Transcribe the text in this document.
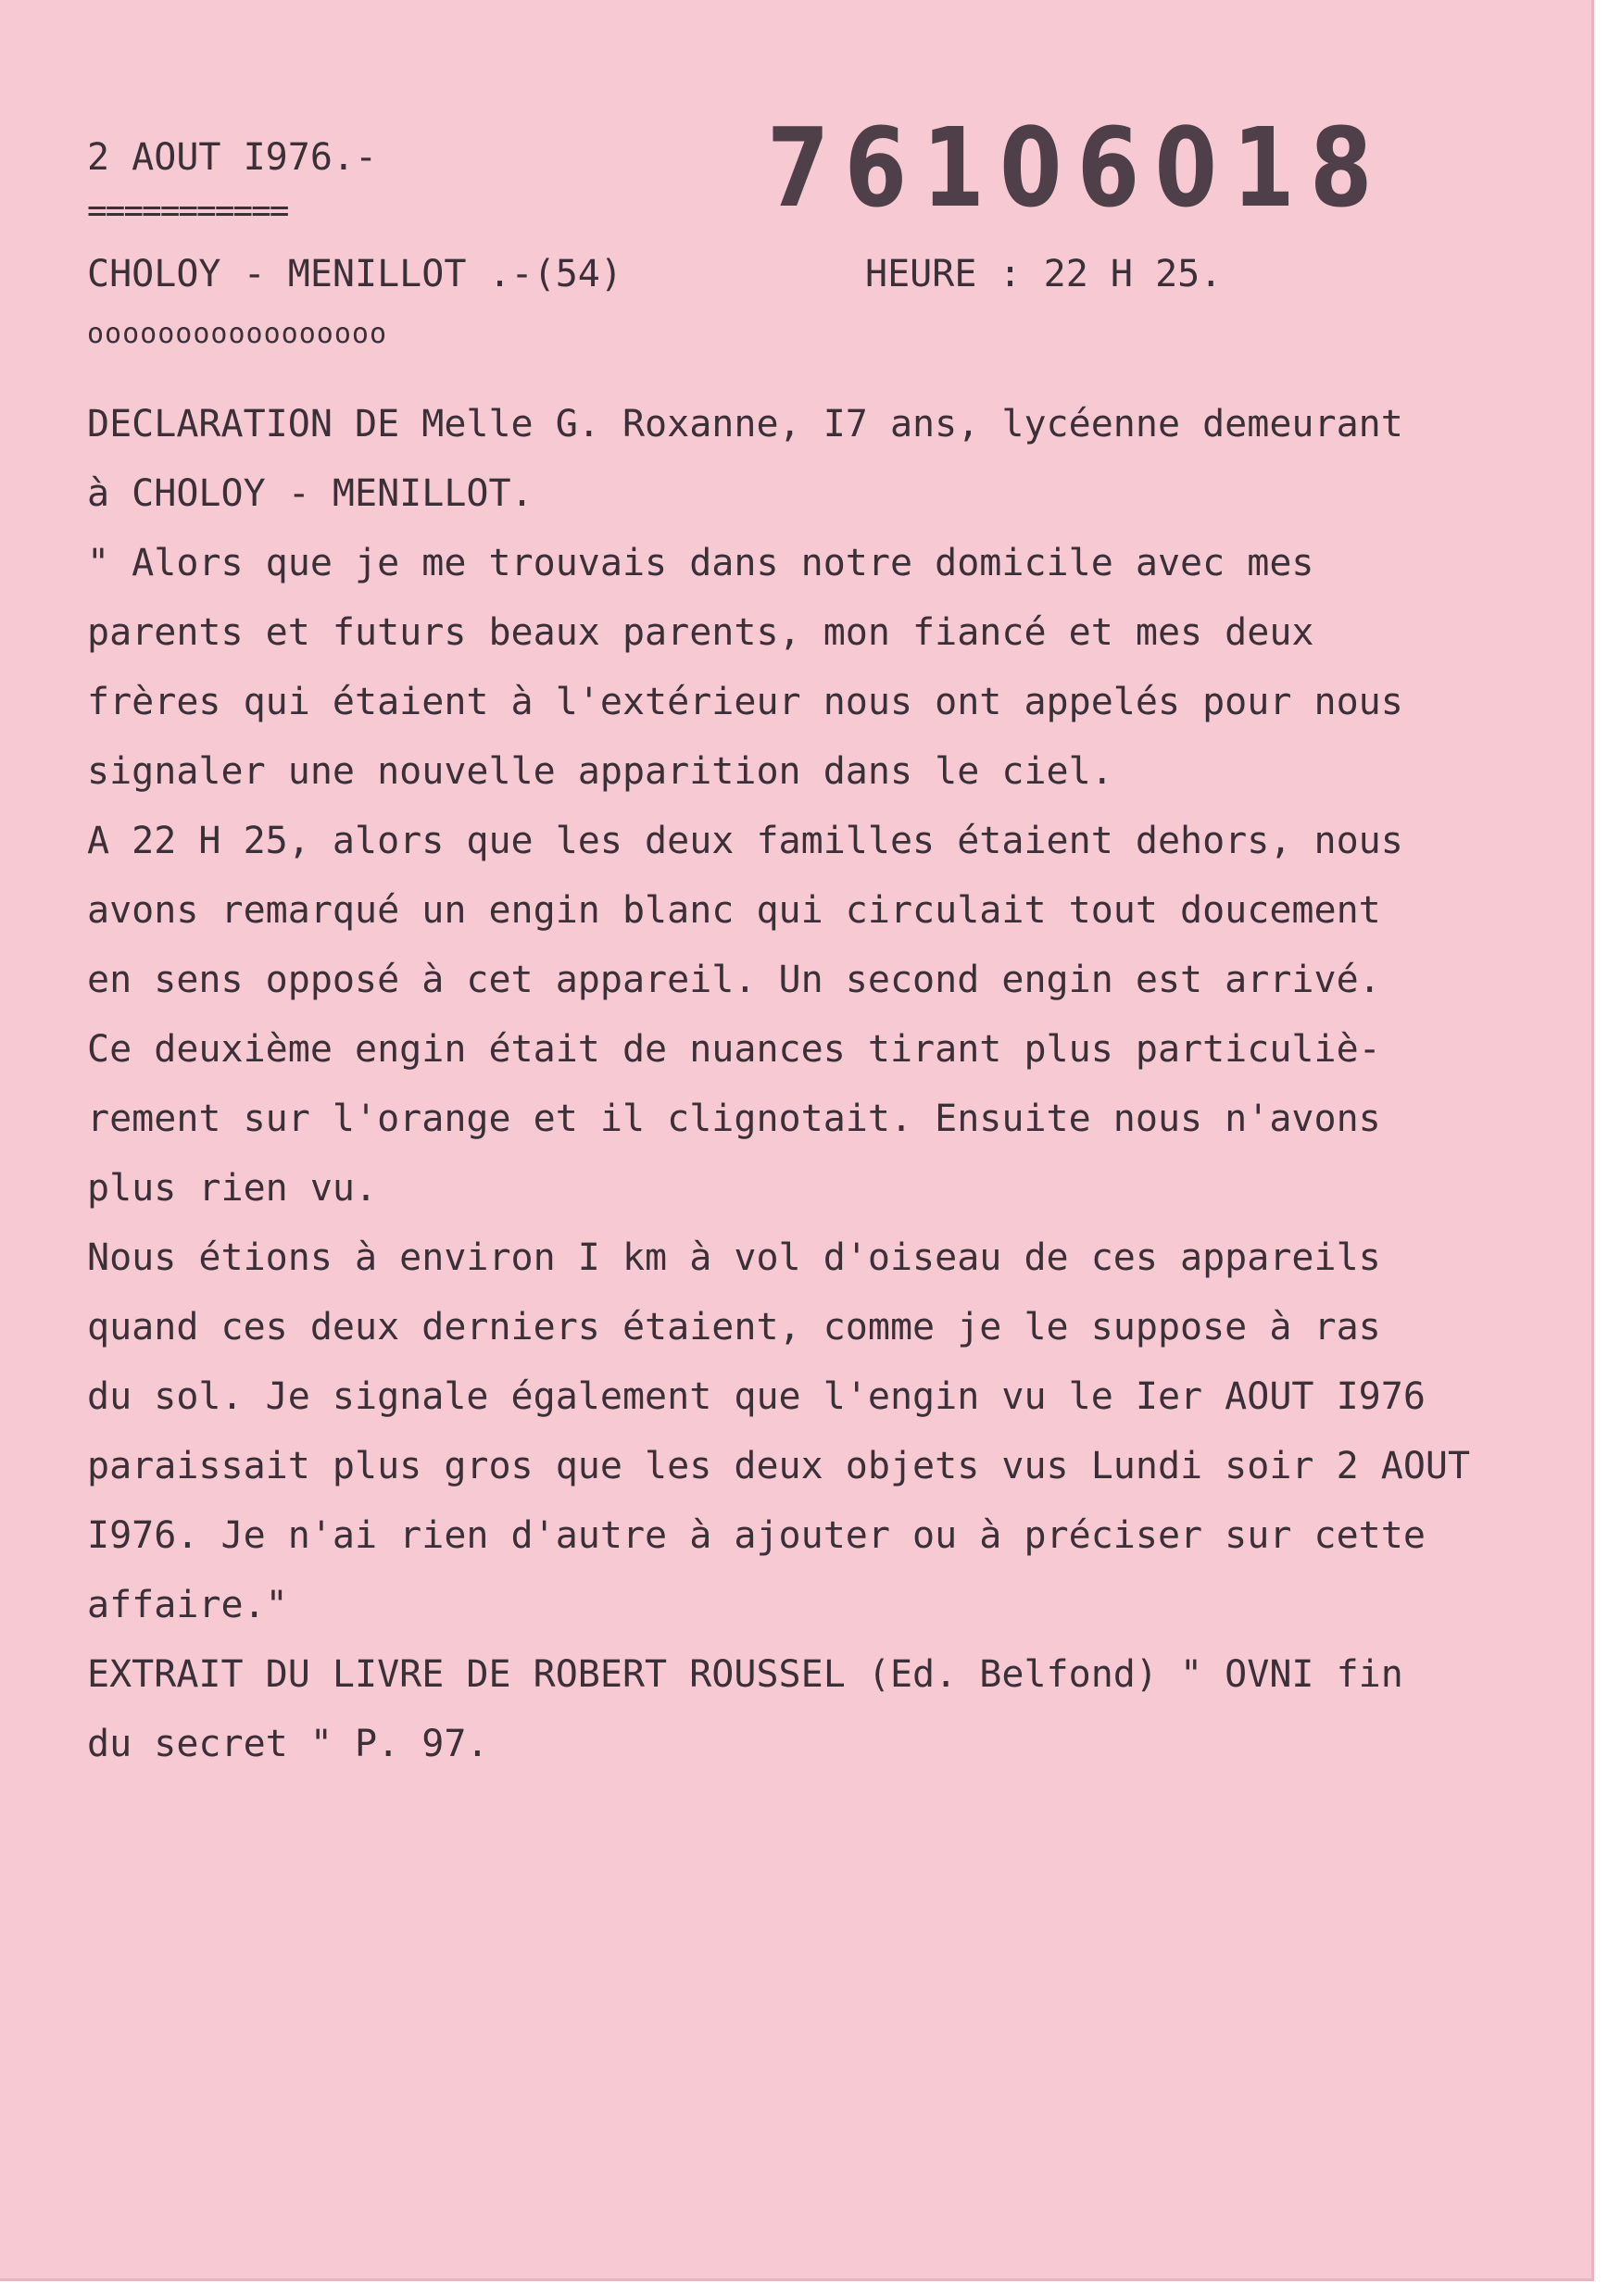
2 AOUT I976.-
===========	76106018
CHOLOY - MENILLOT .-(54)	HEURE : 22 H 25.
ooooooooooooooooo
DECLARATION DE Melle G. Roxanne, I7 ans, lycéenne demeurant
à CHOLOY - MENILLOT.
" Alors que je me trouvais dans notre domicile avec mes
parents et futurs beaux parents, mon fiancé et mes deux
frères qui étaient à l'extérieur nous ont appelés pour nous
signaler une nouvelle apparition dans le ciel.
A 22 H 25, alors que les deux familles étaient dehors, nous
avons remarqué un engin blanc qui circulait tout doucement
en sens opposé à cet appareil. Un second engin est arrivé.
Ce deuxième engin était de nuances tirant plus particuliè-
rement sur l'orange et il clignotait. Ensuite nous n'avons
plus rien vu.
Nous étions à environ I km à vol d'oiseau de ces appareils
quand ces deux derniers étaient, comme je le suppose à ras
du sol. Je signale également que l'engin vu le Ier AOUT I976
paraissait plus gros que les deux objets vus Lundi soir 2 AOUT
I976. Je n'ai rien d'autre à ajouter ou à préciser sur cette
affaire."
EXTRAIT DU LIVRE DE ROBERT ROUSSEL (Ed. Belfond) " OVNI fin
du secret " P. 97.
